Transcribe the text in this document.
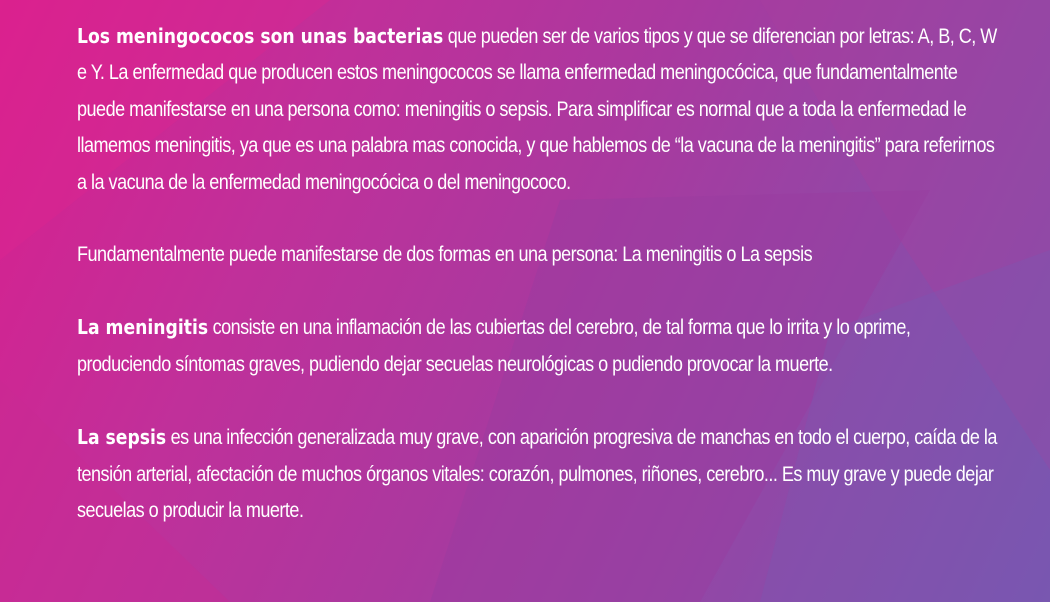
Los meningococos son unas bacterias que pueden ser de varios tipos y que se diferencian por letras: A, B, C, W e Y. La enfermedad que producen estos meningococos se llama enfermedad meningocócica, que fundamentalmente puede manifestarse en una persona como: meningitis o sepsis. Para simplificar es normal que a toda la enfermedad le llamemos meningitis, ya que es una palabra mas conocida, y que hablemos de “la vacuna de la meningitis” para referirnos a la vacuna de la enfermedad meningocócica o del meningococo.

Fundamentalmente puede manifestarse de dos formas en una persona: La meningitis o La sepsis

La meningitis consiste en una inflamación de las cubiertas del cerebro, de tal forma que lo irrita y lo oprime, produciendo síntomas graves, pudiendo dejar secuelas neurológicas o pudiendo provocar la muerte.

La sepsis es una infección generalizada muy grave, con aparición progresiva de manchas en todo el cuerpo, caída de la tensión arterial, afectación de muchos órganos vitales: corazón, pulmones, riñones, cerebro... Es muy grave y puede dejar secuelas o producir la muerte.
